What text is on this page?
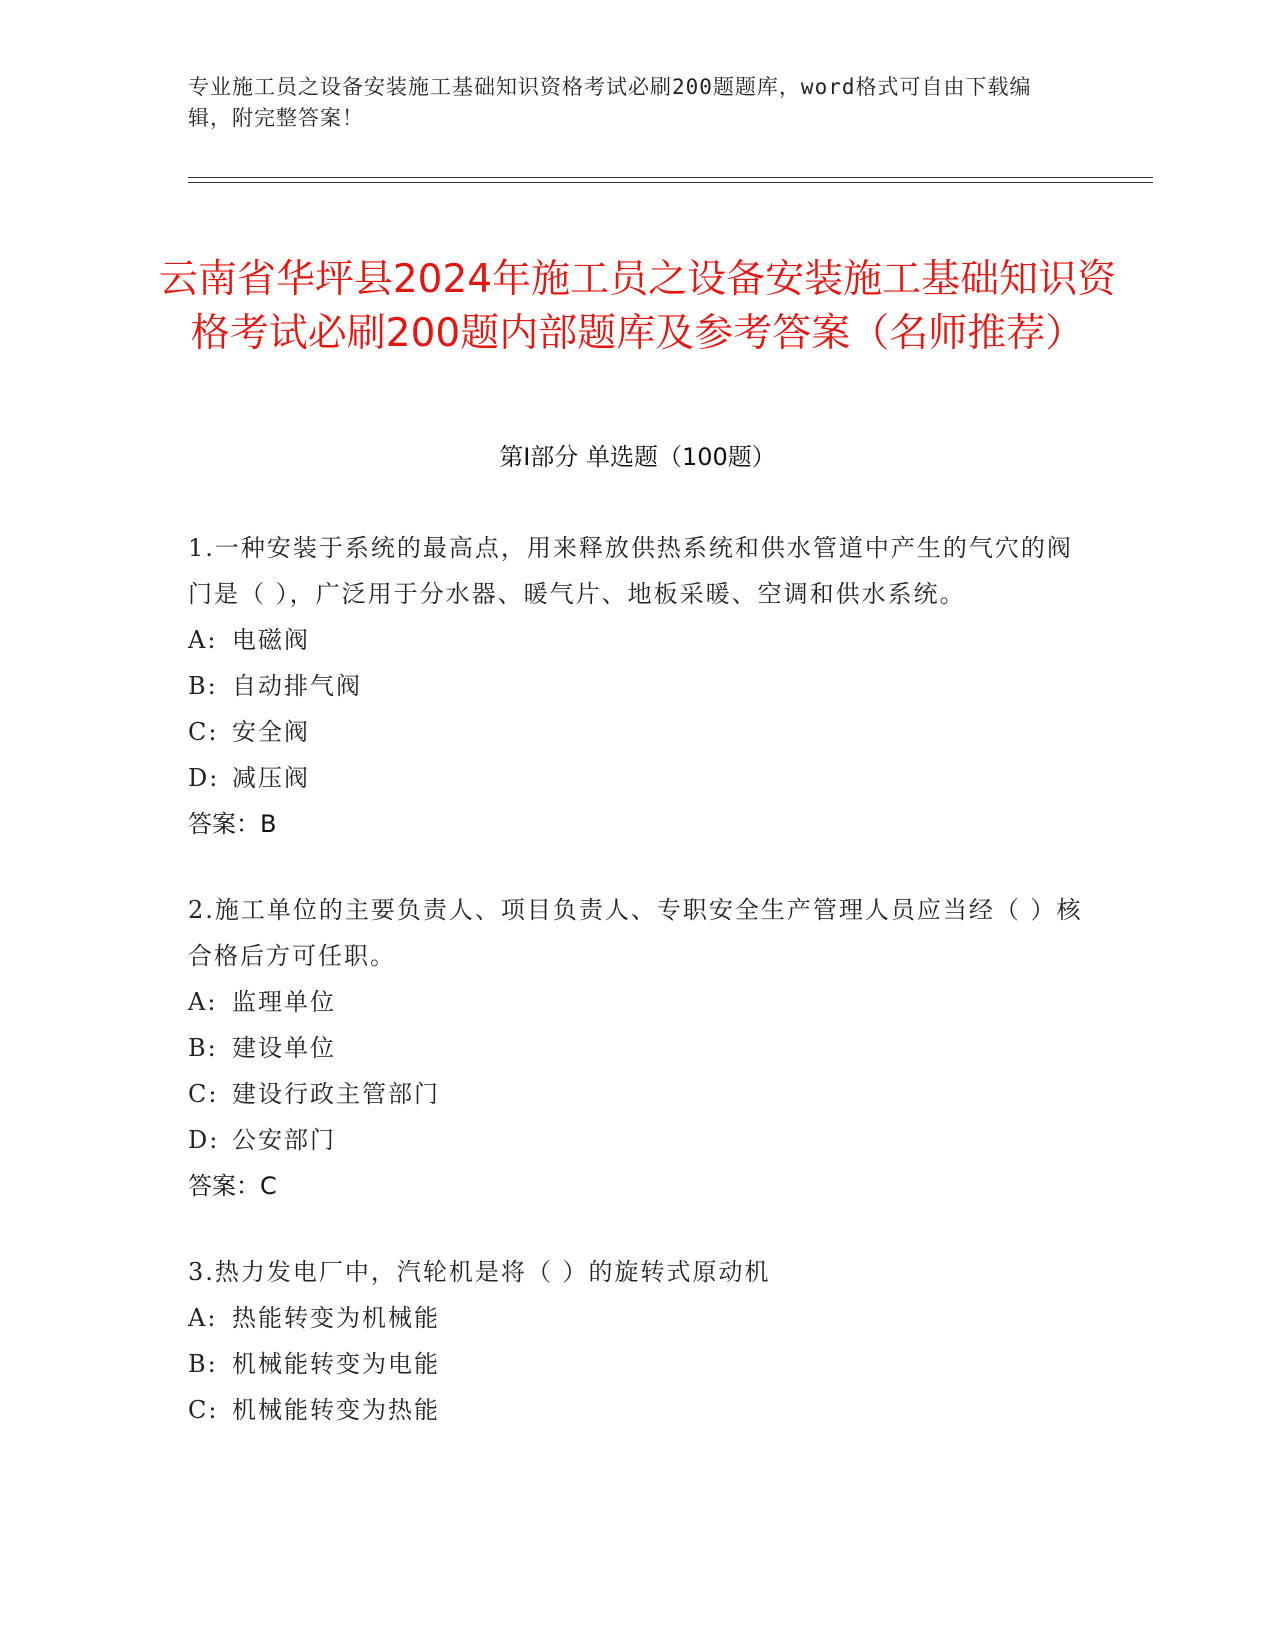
专业施工员之设备安装施工基础知识资格考试必刷200题题库，word格式可自由下载编辑，附完整答案！
云南省华坪县2024年施工员之设备安装施工基础知识资格考试必刷200题内部题库及参考答案（名师推荐）
第Ⅰ部分 单选题（100题）

1.一种安装于系统的最高点，用来释放供热系统和供水管道中产生的气穴的阀门是（ ），广泛用于分水器、暖气片、地板采暖、空调和供水系统。

A: 电磁阀

B: 自动排气阀

C: 安全阀

D: 减压阀

答案：B

2.施工单位的主要负责人、项目负责人、专职安全生产管理人员应当经（ ）核合格后方可任职。

A: 监理单位

B: 建设单位

C: 建设行政主管部门

D: 公安部门

答案：C

3.热力发电厂中，汽轮机是将（ ）的旋转式原动机

A: 热能转变为机械能

B: 机械能转变为电能

C: 机械能转变为热能
